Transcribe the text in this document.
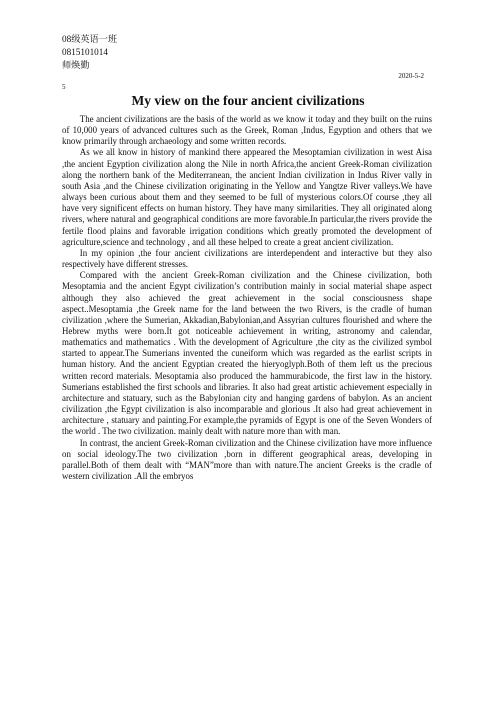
08级英语一班
0815101014
师焕勤
2020-5-2
5
My view on the four ancient civilizations

The ancient civilizations are the basis of the world as we know it today and they built on the ruins of 10,000 years of advanced cultures such as the Greek, Roman ,Indus, Egyption and others that we know primarily through archaeology and some written records.

As we all know in history of mankind there appeared the Mesoptamian civilization in west Aisa ,the ancient Egyption civilization along the Nile in north Africa,the ancient Greek-Roman civilization along the northern bank of the Mediterranean, the ancient Indian civilization in Indus River vally in south Asia ,and the Chinese civilization originating in the Yellow and Yangtze River valleys.We have always been curious about them and they seemed to be full of mysterious colors.Of course ,they all have very significent effects on human history. They have many similarities. They all originated along rivers, where natural and geographical conditions are more favorable.In particular,the rivers provide the fertile flood plains and favorable irrigation conditions which greatly promoted the development of agriculture,science and technology , and all these helped to create a great ancient civilization.

In my opinion ,the four ancient civilizations are interdependent and interactive but they also respectively have different stresses.

Compared with the ancient Greek-Roman civilization and the Chinese civilization, both Mesoptamia and the ancient Egypt civilization’s contribution mainly in social material shape aspect although they also achieved the great achievement in the social consciousness shape aspect..Mesoptamia ,the Greek name for the land between the two Rivers, is the cradle of human civilization ,where the Sumerian, Akkadian,Babylonian,and Assyrian cultures flourished and where the Hebrew myths were born.It got noticeable achievement in writing, astronomy and calendar, mathematics and mathematics . With the development of Agriculture ,the city as the civilized symbol started to appear.The Sumerians invented the cuneiform which was regarded as the earlist scripts in human history. And the ancient Egyptian created the hieryoglyph.Both of them left us the precious written record materials. Mesoptamia also produced the hammurabicode, the first law in the history. Sumerians established the first schools and libraries. It also had great artistic achievement especially in architecture and statuary, such as the Babylonian city and hanging gardens of babylon. As an ancient civilization ,the Egypt civilization is also incomparable and glorious .It also had great achievement in architecture , statuary and painting.For example,the pyramids of Egypt is one of the Seven Wonders of the world . The two civilization. mainly dealt with nature more than with man.

In contrast, the ancient Greek-Roman civilization and the Chinese civilization have more influence on social ideology.The two civilization ,born in different geographical areas, developing in parallel.Both of them dealt with “MAN”more than with nature.The ancient Greeks is the cradle of western civilization .All the embryos
